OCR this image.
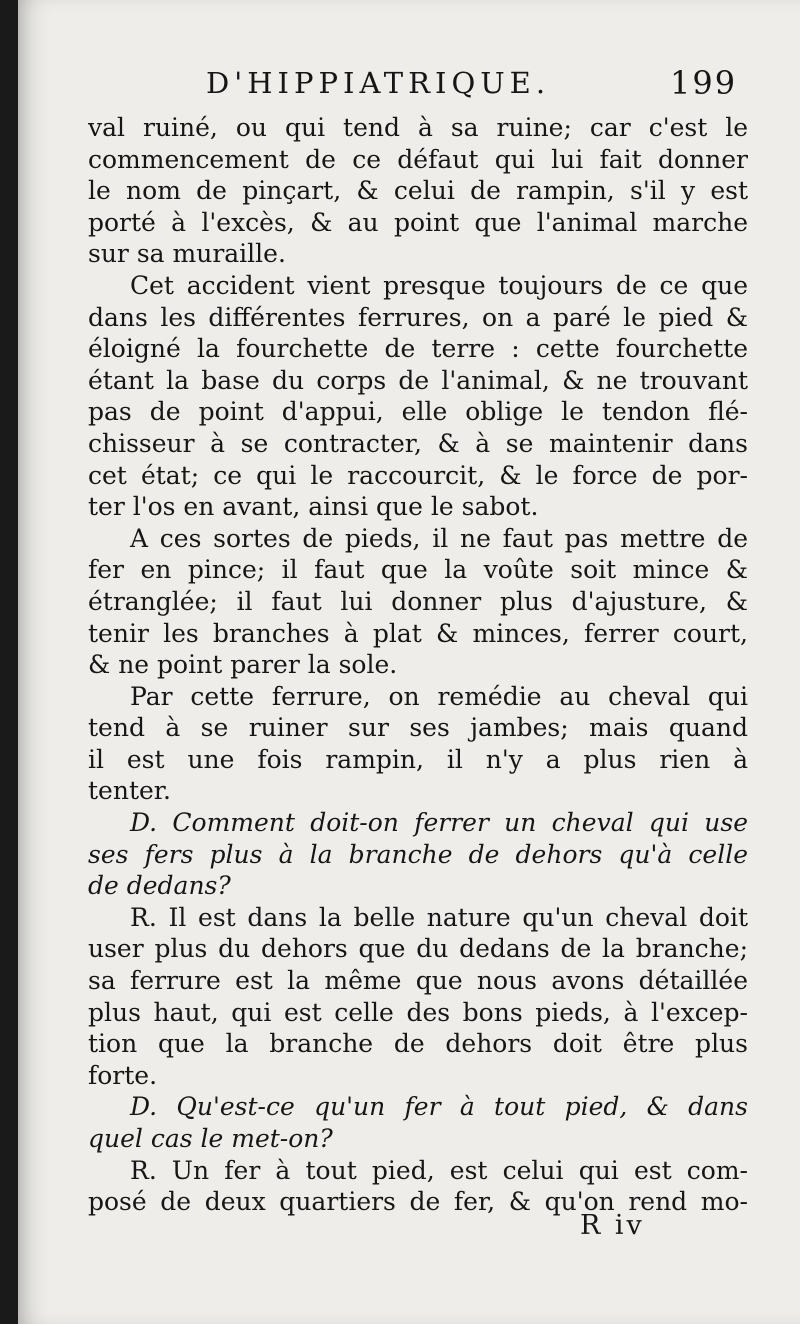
D'HIPPIATRIQUE.	199
val ruiné, ou qui tend à sa ruine; car c'est le
commencement de ce défaut qui lui fait donner
le nom de pinçart, & celui de rampin, s'il y est
porté à l'excès, & au point que l'animal marche
sur sa muraille.
Cet accident vient presque toujours de ce que
dans les différentes ferrures, on a paré le pied &
éloigné la fourchette de terre : cette fourchette
étant la base du corps de l'animal, & ne trouvant
pas de point d'appui, elle oblige le tendon flé-
chisseur à se contracter, & à se maintenir dans
cet état; ce qui le raccourcit, & le force de por-
ter l'os en avant, ainsi que le sabot.
A ces sortes de pieds, il ne faut pas mettre de
fer en pince; il faut que la voûte soit mince &
étranglée; il faut lui donner plus d'ajusture, &
tenir les branches à plat & minces, ferrer court,
& ne point parer la sole.
Par cette ferrure, on remédie au cheval qui
tend à se ruiner sur ses jambes; mais quand
il est une fois rampin, il n'y a plus rien à
tenter.
D. Comment doit-on ferrer un cheval qui use
ses fers plus à la branche de dehors qu'à celle
de dedans?
R. Il est dans la belle nature qu'un cheval doit
user plus du dehors que du dedans de la branche;
sa ferrure est la même que nous avons détaillée
plus haut, qui est celle des bons pieds, à l'excep-
tion que la branche de dehors doit être plus
forte.
D. Qu'est-ce qu'un fer à tout pied, & dans
quel cas le met-on?
R. Un fer à tout pied, est celui qui est com-
posé de deux quartiers de fer, & qu'on rend mo-
R iv
